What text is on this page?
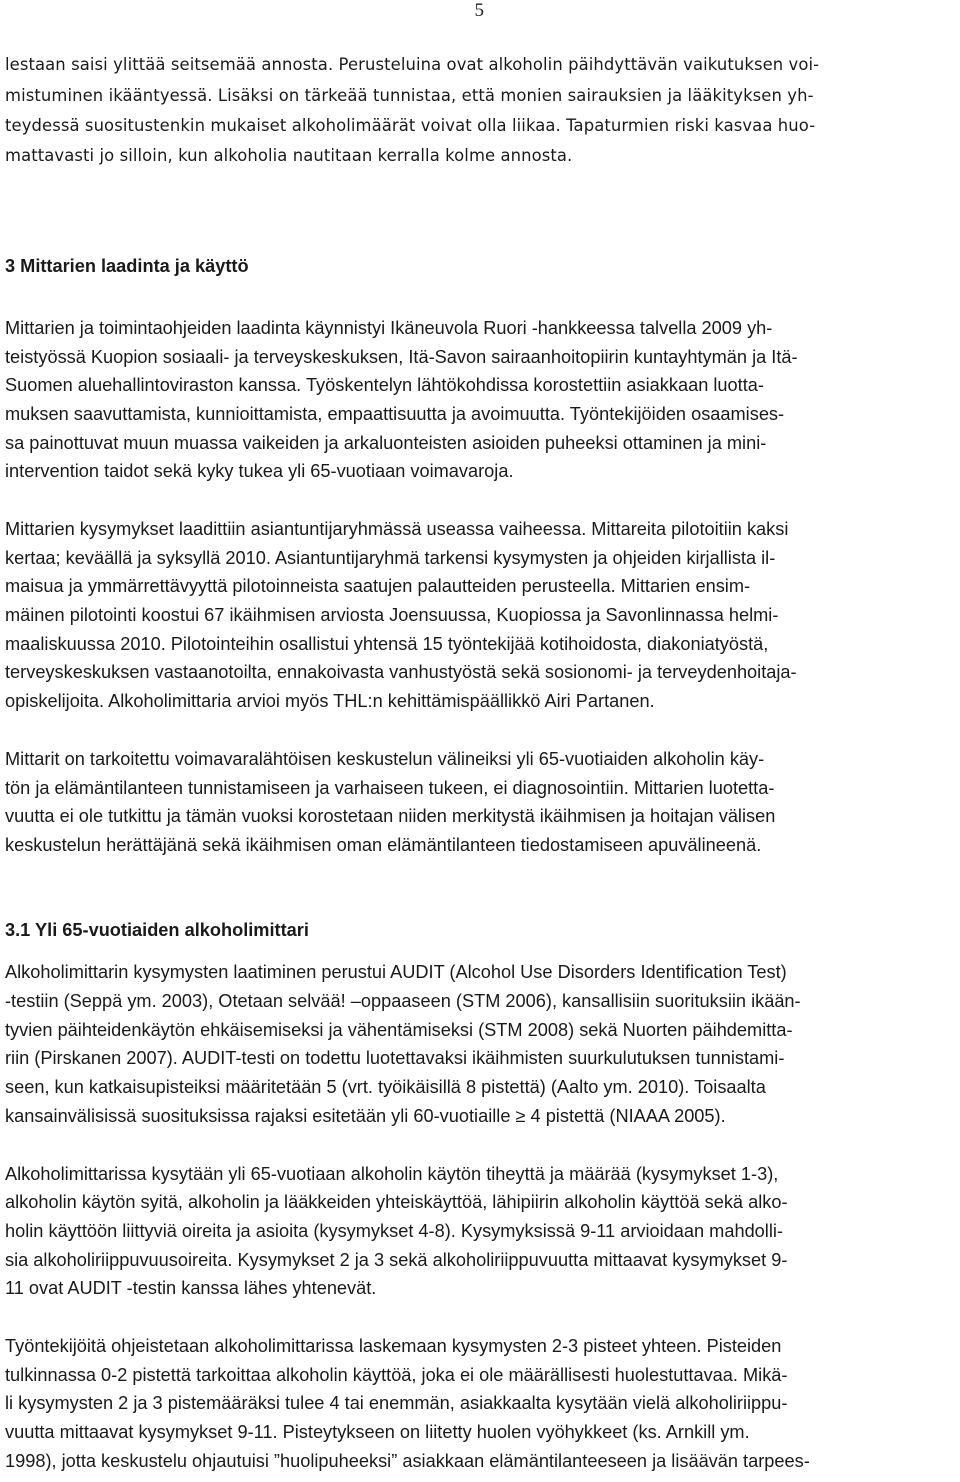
5
lestaan saisi ylittää seitsemää annosta. Perusteluina ovat alkoholin päihdyttävän vaikutuksen voi-
mistuminen ikääntyessä. Lisäksi on tärkeää tunnistaa, että monien sairauksien ja lääkityksen yh-
teydessä suositustenkin mukaiset alkoholimäärät voivat olla liikaa. Tapaturmien riski kasvaa huo-
mattavasti jo silloin, kun alkoholia nautitaan kerralla kolme annosta.
3 Mittarien laadinta ja käyttö
Mittarien ja toimintaohjeiden laadinta käynnistyi Ikäneuvola Ruori -hankkeessa talvella 2009 yh-
teistyössä Kuopion sosiaali- ja terveyskeskuksen, Itä-Savon sairaanhoitopiirin kuntayhtymän ja Itä-
Suomen aluehallintoviraston kanssa. Työskentelyn lähtökohdissa korostettiin asiakkaan luotta-
muksen saavuttamista, kunnioittamista, empaattisuutta ja avoimuutta. Työntekijöiden osaamises-
sa painottuvat muun muassa vaikeiden ja arkaluonteisten asioiden puheeksi ottaminen ja mini-
intervention taidot sekä kyky tukea yli 65-vuotiaan voimavaroja.
Mittarien kysymykset laadittiin asiantuntijaryhmässä useassa vaiheessa. Mittareita pilotoitiin kaksi
kertaa; keväällä ja syksyllä 2010. Asiantuntijaryhmä tarkensi kysymysten ja ohjeiden kirjallista il-
maisua ja ymmärrettävyyttä pilotoinneista saatujen palautteiden perusteella. Mittarien ensim-
mäinen pilotointi koostui 67 ikäihmisen arviosta Joensuussa, Kuopiossa ja Savonlinnassa helmi-
maaliskuussa 2010. Pilotointeihin osallistui yhtensä 15 työntekijää kotihoidosta, diakoniatyöstä,
terveyskeskuksen vastaanotoilta, ennakoivasta vanhustyöstä sekä sosionomi- ja terveydenhoitaja-
opiskelijoita. Alkoholimittaria arvioi myös THL:n kehittämispäällikkö Airi Partanen.
Mittarit on tarkoitettu voimavaralähtöisen keskustelun välineiksi yli 65-vuotiaiden alkoholin käy-
tön ja elämäntilanteen tunnistamiseen ja varhaiseen tukeen, ei diagnosointiin. Mittarien luotetta-
vuutta ei ole tutkittu ja tämän vuoksi korostetaan niiden merkitystä ikäihmisen ja hoitajan välisen
keskustelun herättäjänä sekä ikäihmisen oman elämäntilanteen tiedostamiseen apuvälineenä.
3.1 Yli 65-vuotiaiden alkoholimittari
Alkoholimittarin kysymysten laatiminen perustui AUDIT (Alcohol Use Disorders Identification Test)
-testiin (Seppä ym. 2003), Otetaan selvää! –oppaaseen (STM 2006), kansallisiin suorituksiin ikään-
tyvien päihteidenkäytön ehkäisemiseksi ja vähentämiseksi (STM 2008) sekä Nuorten päihdemitta-
riin (Pirskanen 2007). AUDIT-testi on todettu luotettavaksi ikäihmisten suurkulutuksen tunnistami-
seen, kun katkaisupisteiksi määritetään 5 (vrt. työikäisillä 8 pistettä) (Aalto ym. 2010). Toisaalta
kansainvälisissä suosituksissa rajaksi esitetään yli 60-vuotiaille ≥ 4 pistettä (NIAAA 2005).
Alkoholimittarissa kysytään yli 65-vuotiaan alkoholin käytön tiheyttä ja määrää (kysymykset 1-3),
alkoholin käytön syitä, alkoholin ja lääkkeiden yhteiskäyttöä, lähipiirin alkoholin käyttöä sekä alko-
holin käyttöön liittyviä oireita ja asioita (kysymykset 4-8). Kysymyksissä 9-11 arvioidaan mahdolli-
sia alkoholiriippuvuusoireita. Kysymykset 2 ja 3 sekä alkoholiriippuvuutta mittaavat kysymykset 9-
11 ovat AUDIT -testin kanssa lähes yhtenevät.
Työntekijöitä ohjeistetaan alkoholimittarissa laskemaan kysymysten 2-3 pisteet yhteen. Pisteiden
tulkinnassa 0-2 pistettä tarkoittaa alkoholin käyttöä, joka ei ole määrällisesti huolestuttavaa. Mikä-
li kysymysten 2 ja 3 pistemääräksi tulee 4 tai enemmän, asiakkaalta kysytään vielä alkoholiriippu-
vuutta mittaavat kysymykset 9-11. Pisteytykseen on liitetty huolen vyöhykkeet (ks. Arnkill ym.
1998), jotta keskustelu ohjautuisi ”huolipuheeksi” asiakkaan elämäntilanteeseen ja lisäävän tarpees-
